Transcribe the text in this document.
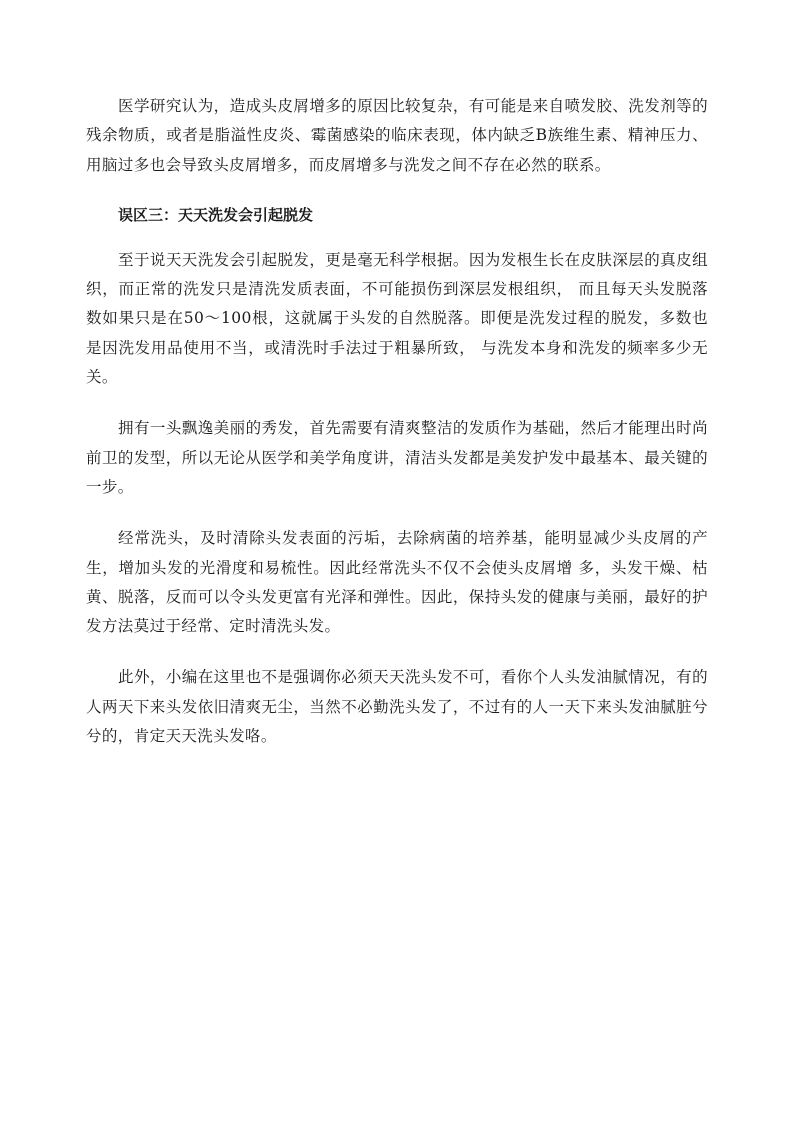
医学研究认为，造成头皮屑增多的原因比较复杂，有可能是来自喷发胶、洗发剂等的残余物质，或者是脂溢性皮炎、霉菌感染的临床表现，体内缺乏B族维生素、精神压力、用脑过多也会导致头皮屑增多，而皮屑增多与洗发之间不存在必然的联系。

误区三：天天洗发会引起脱发

至于说天天洗发会引起脱发，更是毫无科学根据。因为发根生长在皮肤深层的真皮组织，而正常的洗发只是清洗发质表面，不可能损伤到深层发根组织， 而且每天头发脱落数如果只是在50～100根，这就属于头发的自然脱落。即便是洗发过程的脱发，多数也是因洗发用品使用不当，或清洗时手法过于粗暴所致， 与洗发本身和洗发的频率多少无关。

拥有一头飘逸美丽的秀发，首先需要有清爽整洁的发质作为基础，然后才能理出时尚前卫的发型，所以无论从医学和美学角度讲，清洁头发都是美发护发中最基本、最关键的一步。

经常洗头，及时清除头发表面的污垢，去除病菌的培养基，能明显减少头皮屑的产生，增加头发的光滑度和易梳性。因此经常洗头不仅不会使头皮屑增 多，头发干燥、枯黄、脱落，反而可以令头发更富有光泽和弹性。因此，保持头发的健康与美丽，最好的护发方法莫过于经常、定时清洗头发。

此外，小编在这里也不是强调你必须天天洗头发不可，看你个人头发油腻情况，有的人两天下来头发依旧清爽无尘，当然不必勤洗头发了，不过有的人一天下来头发油腻脏兮兮的，肯定天天洗头发咯。
